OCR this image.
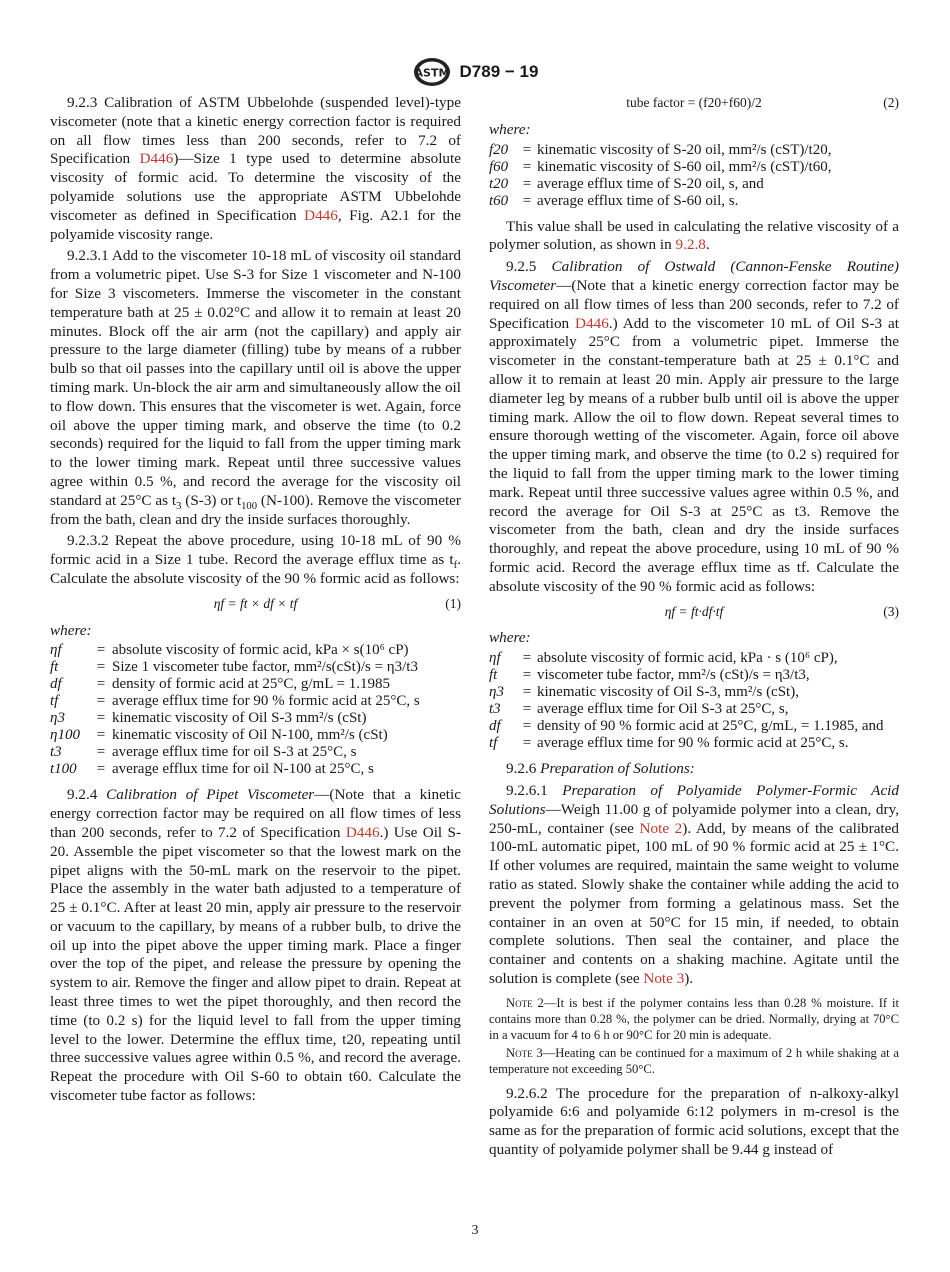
ASTM D789 − 19

9.2.3 Calibration of ASTM Ubbelohde (suspended level)-type viscometer (note that a kinetic energy correction factor is required on all flow times less than 200 seconds, refer to 7.2 of Specification D446)—Size 1 type used to determine absolute viscosity of formic acid. To determine the viscosity of the polyamide solutions use the appropriate ASTM Ubbelohde viscometer as defined in Specification D446, Fig. A2.1 for the polyamide viscosity range.

9.2.3.1 Add to the viscometer 10-18 mL of viscosity oil standard from a volumetric pipet. Use S-3 for Size 1 viscometer and N-100 for Size 3 viscometers. Immerse the viscometer in the constant temperature bath at 25 ± 0.02°C and allow it to remain at least 20 minutes. Block off the air arm (not the capillary) and apply air pressure to the large diameter (filling) tube by means of a rubber bulb so that oil passes into the capillary until oil is above the upper timing mark. Un-block the air arm and simultaneously allow the oil to flow down. This ensures that the viscometer is wet. Again, force oil above the upper timing mark, and observe the time (to 0.2 seconds) required for the liquid to fall from the upper timing mark to the lower timing mark. Repeat until three successive values agree within 0.5 %, and record the average for the viscosity oil standard at 25°C as $t_3$ (S-3) or $t_{100}$ (N-100). Remove the viscometer from the bath, clean and dry the inside surfaces thoroughly.

9.2.3.2 Repeat the above procedure, using 10-18 mL of 90 % formic acid in a Size 1 tube. Record the average efflux time as $t_f$. Calculate the absolute viscosity of the 90 % formic acid as follows:

ηf = ft × df × tf	(1)
where:
ηf	=	absolute viscosity of formic acid, kPa × s(10⁶ cP)
ft	=	Size 1 viscometer tube factor, mm²/s(cSt)/s = η3/t3
df	=	density of formic acid at 25°C, g/mL = 1.1985
tf	=	average efflux time for 90 % formic acid at 25°C, s
η3	=	kinematic viscosity of Oil S-3 mm²/s (cSt)
η100	=	kinematic viscosity of Oil N-100, mm²/s (cSt)
t3	=	average efflux time for oil S-3 at 25°C, s
t100	=	average efflux time for oil N-100 at 25°C, s

9.2.4 Calibration of Pipet Viscometer—(Note that a kinetic energy correction factor may be required on all flow times of less than 200 seconds, refer to 7.2 of Specification D446.) Use Oil S-20. Assemble the pipet viscometer so that the lowest mark on the pipet aligns with the 50-mL mark on the reservoir to the pipet. Place the assembly in the water bath adjusted to a temperature of 25 ± 0.1°C. After at least 20 min, apply air pressure to the reservoir or vacuum to the capillary, by means of a rubber bulb, to drive the oil up into the pipet above the upper timing mark. Place a finger over the top of the pipet, and release the pressure by opening the system to air. Remove the finger and allow pipet to drain. Repeat at least three times to wet the pipet thoroughly, and then record the time (to 0.2 s) for the liquid level to fall from the upper timing level to the lower. Determine the efflux time, t20, repeating until three successive values agree within 0.5 %, and record the average. Repeat the procedure with Oil S-60 to obtain t60. Calculate the viscometer tube factor as follows:

tube factor = (f20+f60)/2	(2)
where:
f20	=	kinematic viscosity of S-20 oil, mm²/s (cST)/t20,
f60	=	kinematic viscosity of S-60 oil, mm²/s (cST)/t60,
t20	=	average efflux time of S-20 oil, s, and
t60	=	average efflux time of S-60 oil, s.

This value shall be used in calculating the relative viscosity of a polymer solution, as shown in 9.2.8.

9.2.5 Calibration of Ostwald (Cannon-Fenske Routine) Viscometer—(Note that a kinetic energy correction factor may be required on all flow times of less than 200 seconds, refer to 7.2 of Specification D446.) Add to the viscometer 10 mL of Oil S-3 at approximately 25°C from a volumetric pipet. Immerse the viscometer in the constant-temperature bath at 25 ± 0.1°C and allow it to remain at least 20 min. Apply air pressure to the large diameter leg by means of a rubber bulb until oil is above the upper timing mark. Allow the oil to flow down. Repeat several times to ensure thorough wetting of the viscometer. Again, force oil above the upper timing mark, and observe the time (to 0.2 s) required for the liquid to fall from the upper timing mark to the lower timing mark. Repeat until three successive values agree within 0.5 %, and record the average for Oil S-3 at 25°C as t3. Remove the viscometer from the bath, clean and dry the inside surfaces thoroughly, and repeat the above procedure, using 10 mL of 90 % formic acid. Record the average efflux time as tf. Calculate the absolute viscosity of the 90 % formic acid as follows:

ηf = ft·df·tf	(3)
where:
ηf	=	absolute viscosity of formic acid, kPa · s (10⁶ cP),
ft	=	viscometer tube factor, mm²/s (cSt)/s = η3/t3,
η3	=	kinematic viscosity of Oil S-3, mm²/s (cSt),
t3	=	average efflux time for Oil S-3 at 25°C, s,
df	=	density of 90 % formic acid at 25°C, g/mL, = 1.1985, and
tf	=	average efflux time for 90 % formic acid at 25°C, s.

9.2.6 Preparation of Solutions:

9.2.6.1 Preparation of Polyamide Polymer-Formic Acid Solutions—Weigh 11.00 g of polyamide polymer into a clean, dry, 250-mL, container (see Note 2). Add, by means of the calibrated 100-mL automatic pipet, 100 mL of 90 % formic acid at 25 ± 1°C. If other volumes are required, maintain the same weight to volume ratio as stated. Slowly shake the container while adding the acid to prevent the polymer from forming a gelatinous mass. Set the container in an oven at 50°C for 15 min, if needed, to obtain complete solutions. Then seal the container, and place the container and contents on a shaking machine. Agitate until the solution is complete (see Note 3).

Note 2—It is best if the polymer contains less than 0.28 % moisture. If it contains more than 0.28 %, the polymer can be dried. Normally, drying at 70°C in a vacuum for 4 to 6 h or 90°C for 20 min is adequate.
Note 3—Heating can be continued for a maximum of 2 h while shaking at a temperature not exceeding 50°C.

9.2.6.2 The procedure for the preparation of n-alkoxy-alkyl polyamide 6:6 and polyamide 6:12 polymers in m-cresol is the same as for the preparation of formic acid solutions, except that the quantity of polyamide polymer shall be 9.44 g instead of

3
